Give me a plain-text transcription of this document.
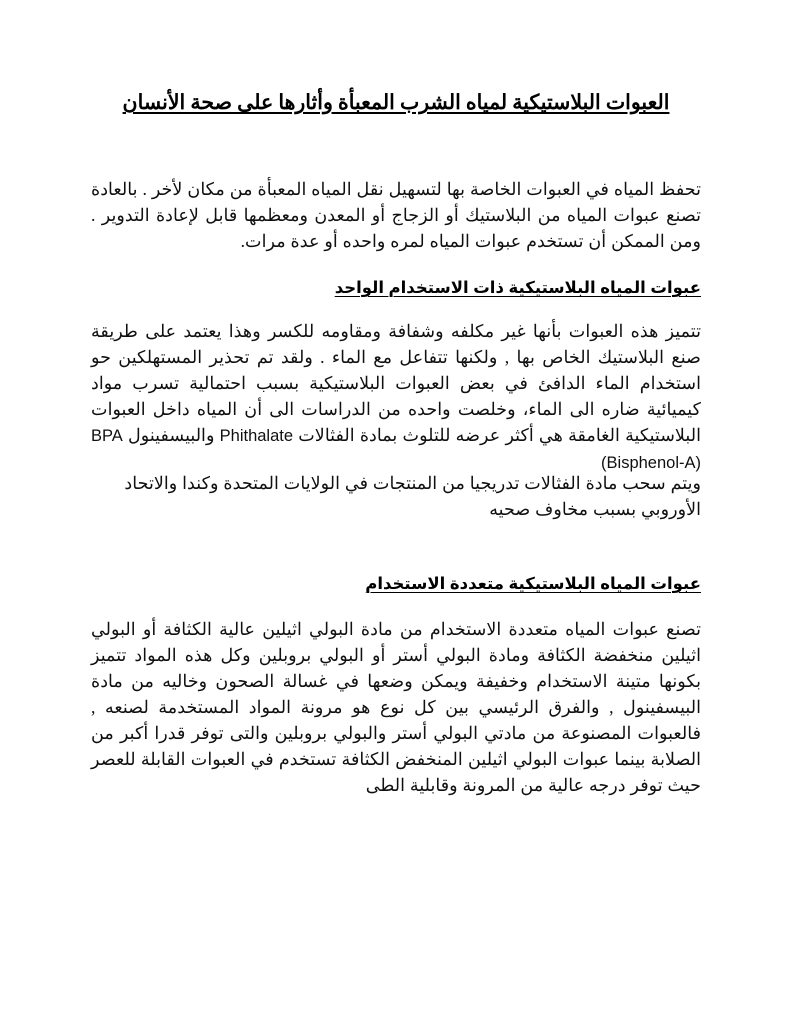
العبوات البلاستيكية لمياه الشرب المعبأة وأثارها على صحة الأنسان

تحفظ المياه في العبوات الخاصة بها لتسهيل نقل المياه المعبأة من مكان لأخر . بالعادة تصنع عبوات المياه من البلاستيك أو الزجاج أو المعدن ومعظمها قابل لإعادة التدوير . ومن الممكن أن تستخدم عبوات المياه لمره واحده أو عدة مرات.

عبوات المياه البلاستيكية ذات الاستخدام الواحد

تتميز هذه العبوات بأنها غير مكلفه وشفافة ومقاومه للكسر وهذا يعتمد على طريقة صنع البلاستيك الخاص بها , ولكنها تتفاعل مع الماء . ولقد تم تحذير المستهلكين حو استخدام الماء الدافئ في بعض العبوات البلاستيكية بسبب احتمالية تسرب مواد كيميائية ضاره الى الماء، وخلصت واحده من الدراسات الى أن المياه داخل العبوات البلاستيكية الغامقة هي أكثر عرضه للتلوث بمادة الفثالات Phithalate والبيسفينول BPA (Bisphenol-A)

ويتم سحب مادة الفثالات تدريجيا من المنتجات في الولايات المتحدة وكندا والاتحاد الأوروبي بسبب مخاوف صحيه

عبوات المياه البلاستيكية متعددة الاستخدام

تصنع عبوات المياه متعددة الاستخدام من مادة البولي اثيلين عالية الكثافة أو البولي اثيلين منخفضة الكثافة ومادة البولي أستر أو البولي بروبلين وكل هذه المواد تتميز بكونها متينة الاستخدام وخفيفة ويمكن وضعها في غسالة الصحون وخاليه من مادة البيسفينول , والفرق الرئيسي بين كل نوع هو مرونة المواد المستخدمة لصنعه , فالعبوات المصنوعة من مادتي البولي أستر والبولي بروبلين والتى توفر قدرا أكبر من الصلابة بينما عبوات البولي اثيلين المنخفض الكثافة تستخدم في العبوات القابلة للعصر حيث توفر درجه عالية من المرونة وقابلية الطى
